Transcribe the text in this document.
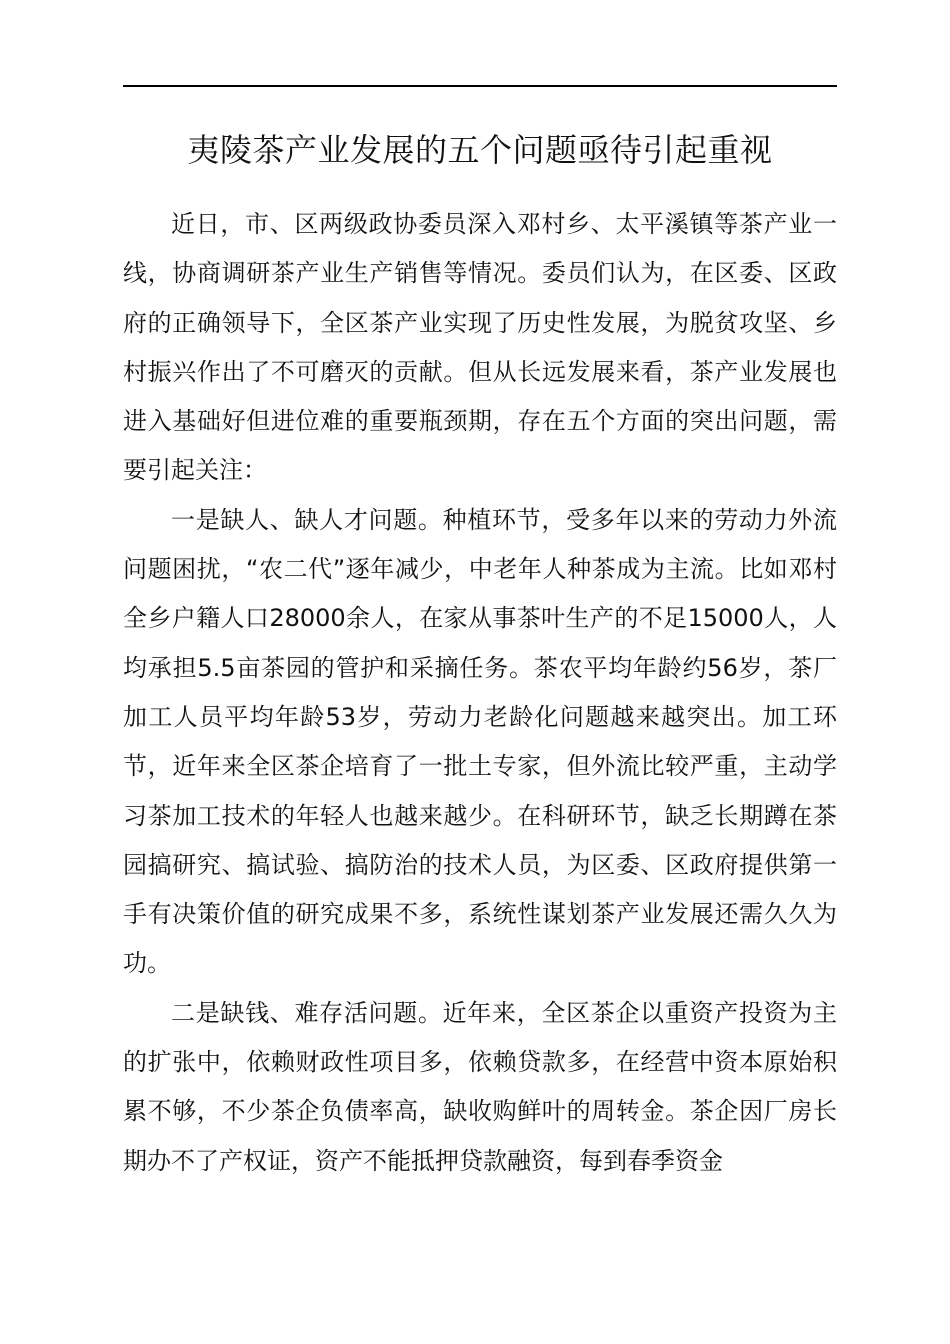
夷陵茶产业发展的五个问题亟待引起重视

近日，市、区两级政协委员深入邓村乡、太平溪镇等茶产业一线，协商调研茶产业生产销售等情况。委员们认为，在区委、区政府的正确领导下，全区茶产业实现了历史性发展，为脱贫攻坚、乡村振兴作出了不可磨灭的贡献。但从长远发展来看，茶产业发展也进入基础好但进位难的重要瓶颈期，存在五个方面的突出问题，需要引起关注：

一是缺人、缺人才问题。种植环节，受多年以来的劳动力外流问题困扰，“农二代”逐年减少，中老年人种茶成为主流。比如邓村全乡户籍人口28000余人，在家从事茶叶生产的不足15000人，人均承担5.5亩茶园的管护和采摘任务。茶农平均年龄约56岁，茶厂加工人员平均年龄53岁，劳动力老龄化问题越来越突出。加工环节，近年来全区茶企培育了一批土专家，但外流比较严重，主动学习茶加工技术的年轻人也越来越少。在科研环节，缺乏长期蹲在茶园搞研究、搞试验、搞防治的技术人员，为区委、区政府提供第一手有决策价值的研究成果不多，系统性谋划茶产业发展还需久久为功。

二是缺钱、难存活问题。近年来，全区茶企以重资产投资为主的扩张中，依赖财政性项目多，依赖贷款多，在经营中资本原始积累不够，不少茶企负债率高，缺收购鲜叶的周转金。茶企因厂房长期办不了产权证，资产不能抵押贷款融资，每到春季资金
